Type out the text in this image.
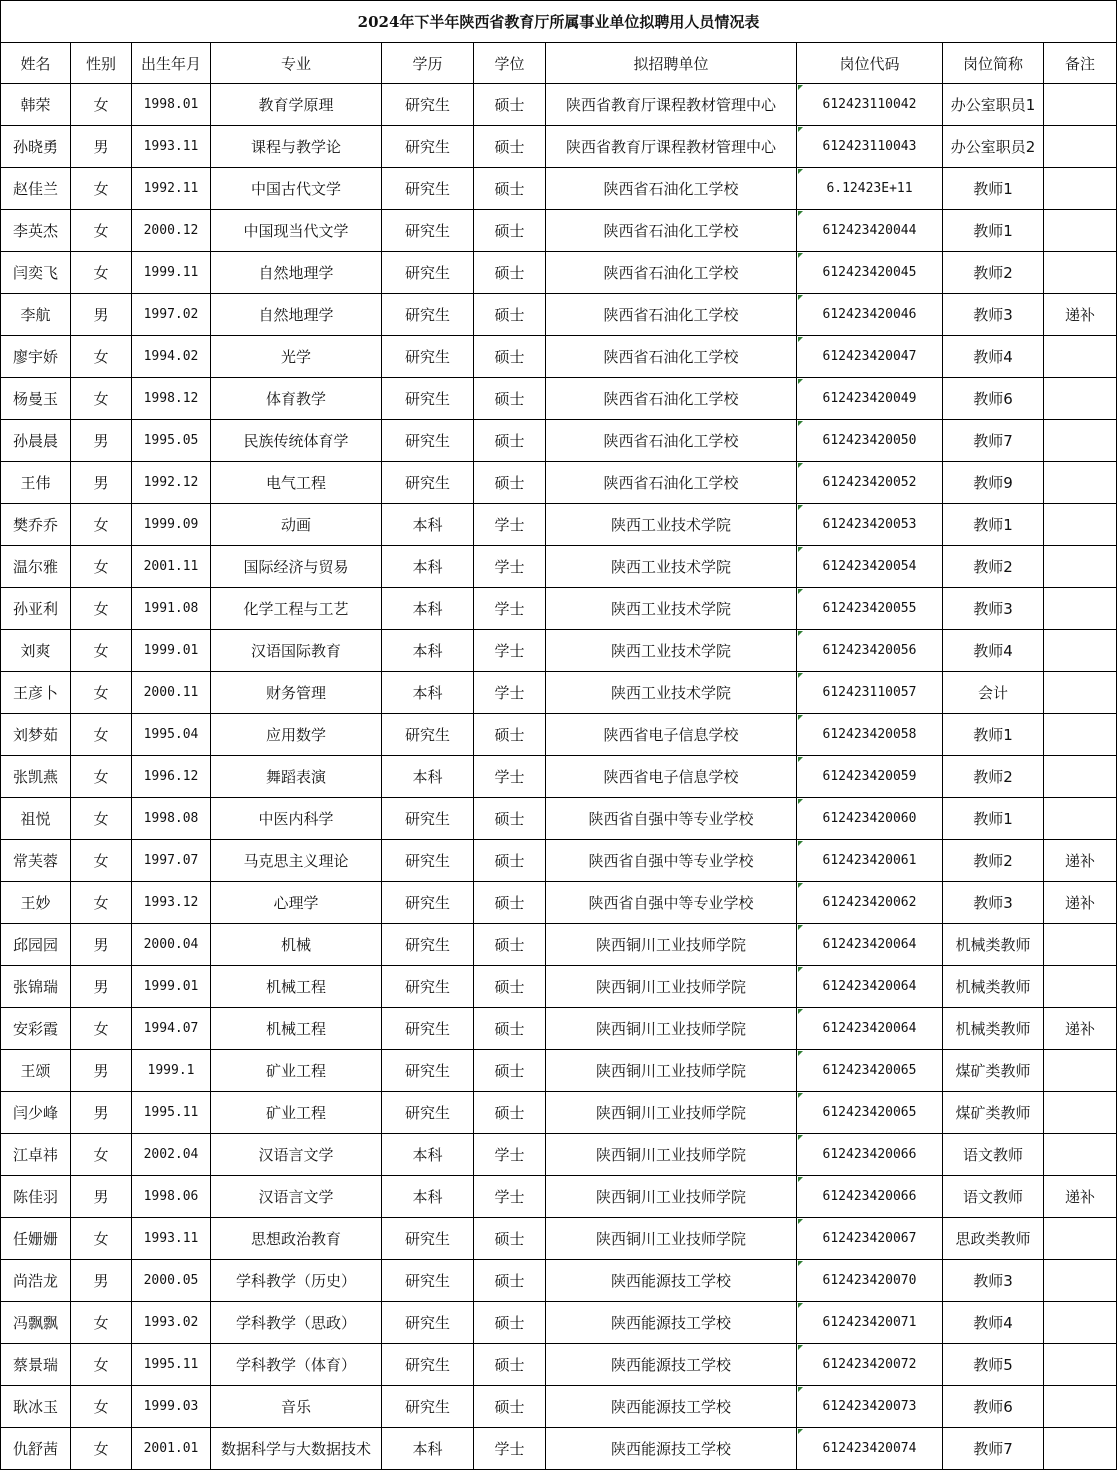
2024年下半年陕西省教育厅所属事业单位拟聘用人员情况表									
姓名	性别	出生年月	专业	学历	学位	拟招聘单位	岗位代码	岗位简称	备注
韩荣	女	1998.01	教育学原理	研究生	硕士	陕西省教育厅课程教材管理中心	612423110042	办公室职员1	
孙晓勇	男	1993.11	课程与教学论	研究生	硕士	陕西省教育厅课程教材管理中心	612423110043	办公室职员2	
赵佳兰	女	1992.11	中国古代文学	研究生	硕士	陕西省石油化工学校	6.12423E+11	教师1	
李英杰	女	2000.12	中国现当代文学	研究生	硕士	陕西省石油化工学校	612423420044	教师1	
闫奕飞	女	1999.11	自然地理学	研究生	硕士	陕西省石油化工学校	612423420045	教师2	
李航	男	1997.02	自然地理学	研究生	硕士	陕西省石油化工学校	612423420046	教师3	递补
廖宇娇	女	1994.02	光学	研究生	硕士	陕西省石油化工学校	612423420047	教师4	
杨曼玉	女	1998.12	体育教学	研究生	硕士	陕西省石油化工学校	612423420049	教师6	
孙晨晨	男	1995.05	民族传统体育学	研究生	硕士	陕西省石油化工学校	612423420050	教师7	
王伟	男	1992.12	电气工程	研究生	硕士	陕西省石油化工学校	612423420052	教师9	
樊乔乔	女	1999.09	动画	本科	学士	陕西工业技术学院	612423420053	教师1	
温尔雅	女	2001.11	国际经济与贸易	本科	学士	陕西工业技术学院	612423420054	教师2	
孙亚利	女	1991.08	化学工程与工艺	本科	学士	陕西工业技术学院	612423420055	教师3	
刘爽	女	1999.01	汉语国际教育	本科	学士	陕西工业技术学院	612423420056	教师4	
王彦卜	女	2000.11	财务管理	本科	学士	陕西工业技术学院	612423110057	会计	
刘梦茹	女	1995.04	应用数学	研究生	硕士	陕西省电子信息学校	612423420058	教师1	
张凯燕	女	1996.12	舞蹈表演	本科	学士	陕西省电子信息学校	612423420059	教师2	
祖悦	女	1998.08	中医内科学	研究生	硕士	陕西省自强中等专业学校	612423420060	教师1	
常芙蓉	女	1997.07	马克思主义理论	研究生	硕士	陕西省自强中等专业学校	612423420061	教师2	递补
王妙	女	1993.12	心理学	研究生	硕士	陕西省自强中等专业学校	612423420062	教师3	递补
邱园园	男	2000.04	机械	研究生	硕士	陕西铜川工业技师学院	612423420064	机械类教师	
张锦瑞	男	1999.01	机械工程	研究生	硕士	陕西铜川工业技师学院	612423420064	机械类教师	
安彩霞	女	1994.07	机械工程	研究生	硕士	陕西铜川工业技师学院	612423420064	机械类教师	递补
王颂	男	1999.1	矿业工程	研究生	硕士	陕西铜川工业技师学院	612423420065	煤矿类教师	
闫少峰	男	1995.11	矿业工程	研究生	硕士	陕西铜川工业技师学院	612423420065	煤矿类教师	
江卓祎	女	2002.04	汉语言文学	本科	学士	陕西铜川工业技师学院	612423420066	语文教师	
陈佳羽	男	1998.06	汉语言文学	本科	学士	陕西铜川工业技师学院	612423420066	语文教师	递补
任姗姗	女	1993.11	思想政治教育	研究生	硕士	陕西铜川工业技师学院	612423420067	思政类教师	
尚浩龙	男	2000.05	学科教学（历史）	研究生	硕士	陕西能源技工学校	612423420070	教师3	
冯飘飘	女	1993.02	学科教学（思政）	研究生	硕士	陕西能源技工学校	612423420071	教师4	
蔡景瑞	女	1995.11	学科教学（体育）	研究生	硕士	陕西能源技工学校	612423420072	教师5	
耿冰玉	女	1999.03	音乐	研究生	硕士	陕西能源技工学校	612423420073	教师6	
仇舒茜	女	2001.01	数据科学与大数据技术	本科	学士	陕西能源技工学校	612423420074	教师7	
